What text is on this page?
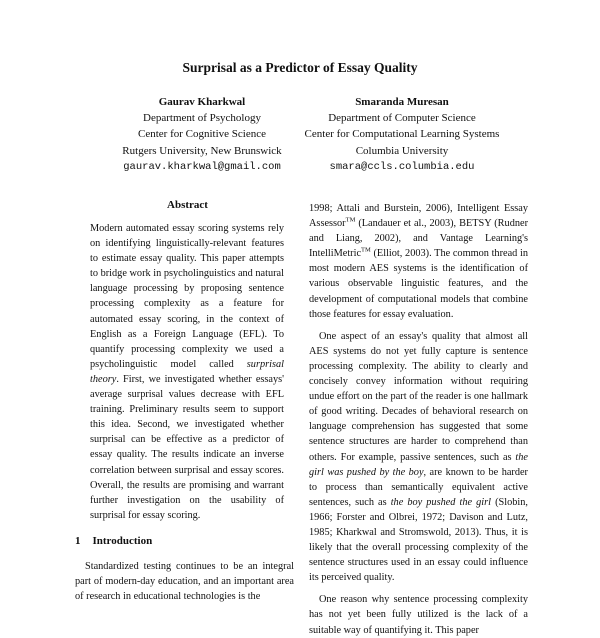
Surprisal as a Predictor of Essay Quality
Gaurav Kharkwal
Department of Psychology
Center for Cognitive Science
Rutgers University, New Brunswick
gaurav.kharkwal@gmail.com
Smaranda Muresan
Department of Computer Science
Center for Computational Learning Systems
Columbia University
smara@ccls.columbia.edu
Abstract

Modern automated essay scoring systems rely on identifying linguistically-relevant features to estimate essay quality. This paper attempts to bridge work in psycholinguistics and natural language processing by proposing sentence processing complexity as a feature for automated essay scoring, in the context of English as a Foreign Language (EFL). To quantify processing complexity we used a psycholinguistic model called surprisal theory. First, we investigated whether essays' average surprisal values decrease with EFL training. Preliminary results seem to support this idea. Second, we investigated whether surprisal can be effective as a predictor of essay quality. The results indicate an inverse correlation between surprisal and essay scores. Overall, the results are promising and warrant further investigation on the usability of surprisal for essay scoring.

1 Introduction

Standardized testing continues to be an integral part of modern-day education, and an important area of research in educational technologies is the

1998; Attali and Burstein, 2006), Intelligent Essay Assessor™ (Landauer et al., 2003), BETSY (Rudner and Liang, 2002), and Vantage Learning's IntelliMetric™ (Elliot, 2003). The common thread in most modern AES systems is the identification of various observable linguistic features, and the development of computational models that combine those features for essay evaluation.

One aspect of an essay's quality that almost all AES systems do not yet fully capture is sentence processing complexity. The ability to clearly and concisely convey information without requiring undue effort on the part of the reader is one hallmark of good writing. Decades of behavioral research on language comprehension has suggested that some sentence structures are harder to comprehend than others. For example, passive sentences, such as the girl was pushed by the boy, are known to be harder to process than semantically equivalent active sentences, such as the boy pushed the girl (Slobin, 1966; Forster and Olbrei, 1972; Davison and Lutz, 1985; Kharkwal and Stromswold, 2013). Thus, it is likely that the overall processing complexity of the sentence structures used in an essay could influence its perceived quality.

One reason why sentence processing complexity has not yet been fully utilized is the lack of a suitable way of quantifying it. This paper
